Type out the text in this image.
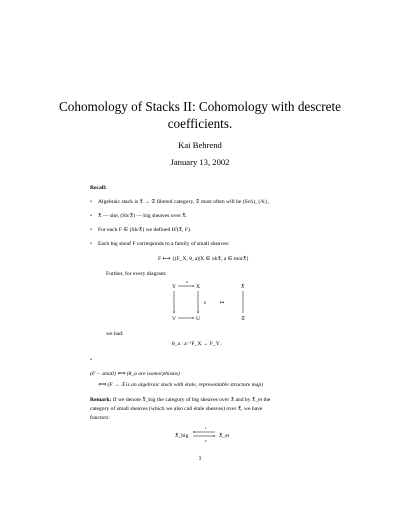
Cohomology of Stacks II: Cohomology with descrete coefficients.
Kai Behrend
January 13, 2002
Recall:
• Algebraic stack is 𝔛 → 𝔖 fibered category, 𝔖 most often will be (Sch)_{/k},
• 𝔛 — site, (Sh/𝔛) — big sheaves over 𝔛.
• For each F ∈ (Sh/𝔛) we defined Hⁱ(𝔛, F).
• Each big sheaf F corresponds to a family of small sheaves:
F ⟷ {(F_X, θ_a)|X ∈ ob𝔛, a ∈ mor𝔛}
Further, for every diagram:
Y	X
V	U
𝔛
𝔖
a
b	↦
we had:
θ_a : a⁻¹F_X → F_Y .
•
(F − small) ⟺ (θ_a are isomorphisms)
⟺ (F → 𝔛 is an algebraic stack with étale, representable structure map)
Remark: If we denote 𝔛_big the category of big sheaves over 𝔛 and by 𝔛_et the
category of small sheaves (which we also call étale sheaves) over 𝔛, we have
functors:
𝔛_big	𝔛_et
ι
ε
1
